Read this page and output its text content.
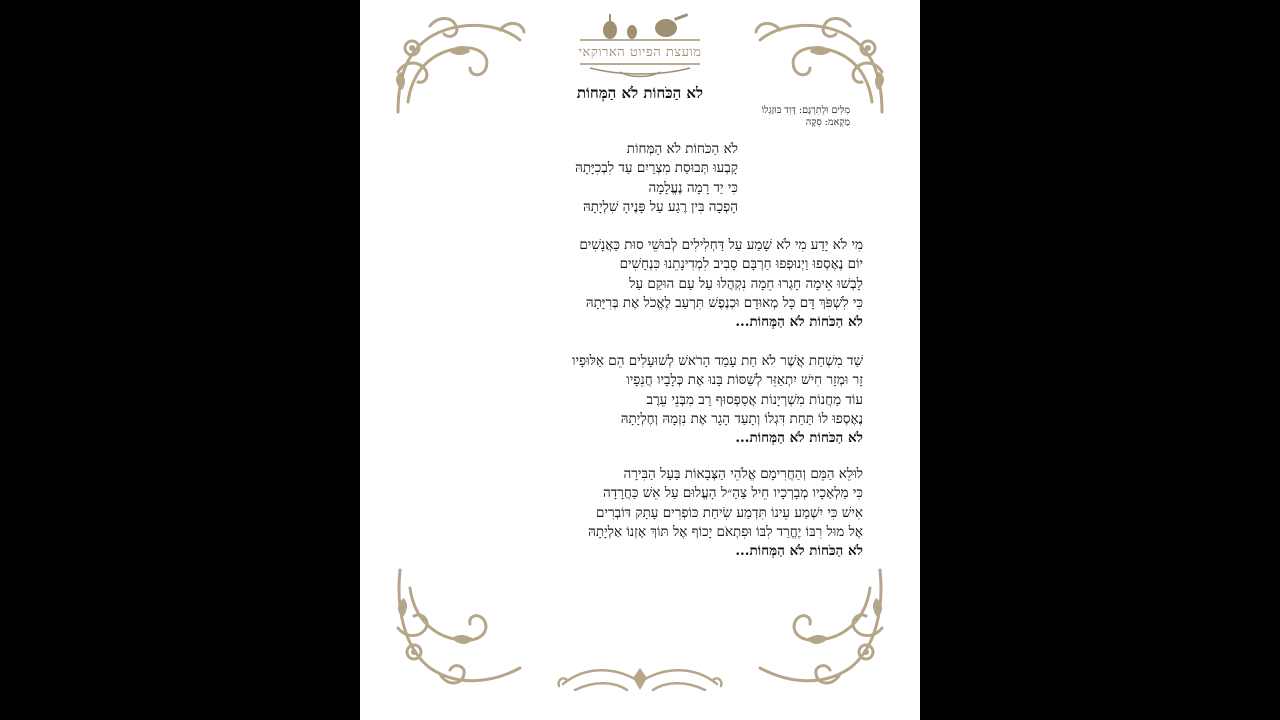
מועצת הפיוט הארוקאי
לא הַכֹּחוֹת לֹא הַמְּחוֹת
מִלִּים וּלְתִרְגָּם: דָּוִד בּוּזַגְלוֹ
מַקָאמ: סִקָּה
לֹא הַכֹּחוֹת לֹא הַמְּחוֹת
קָבְעוּ תְּבוּסַת מִצְרַיִם עַד לִבְכִיָּתָהּ
כִּי יַד רָמָה נֶעֱלָמָה
הָפְכָה בִּין רֶגַע עַל פָּנֶיהָ שִׁלְיָתָהּ
מִי לֹא יָדַע מִי לֹא שָׁמַע עַל דַּחְלִילִים לְבוּשֵׁי סוּת כַּאֲנָשִׁים
יוֹם נֶאֶסְפוּ וַיְנוּפְפוּ חַרְבָּם סָבִיב לִמְדִינָתֵנוּ כִּנְחָשִׁים
לָבְשׁוּ אֵימָה חָגְרוּ חֵמָה נִקְהֲלוּ עַל עַם הוּקַם עַל
כִּי לִשְׁפֹּךְ דָּם כָּל מְאוּדָם וּכְנֶפֶשׁ תִּרְעַב לֶאֱכֹל אֶת בְּרִיָּתָהּ
לֹא הַכֹּחוֹת לֹא הַמְּחוֹת...
שַׁד מִשְׁחַת אֲשֶׁר לֹא חַת עָמַד הָרֹאשׁ לְשׁוּעָלִים הֵם אַלּוּפָיו
זָר וּמְזָר חִישׁ יִתְאַזֵּר לְשַׁסּוֹת בָּנוּ אֶת כְּלָבָיו חֲנֵפָיו
עוֹד מַחֲנוֹת מִשְׁרְיָנוֹת אֲסַפְסוּף רַב מִבְּנֵי עֵרֶב
נֶאֶסְפוּ לוֹ תַּחַת דִּגְלוֹ וְתָעַד הָגָר אֶת נִזְמָהּ וְחֶלְיָתָהּ
לֹא הַכֹּחוֹת לֹא הַמְּחוֹת...
לוּלֵא הַמֵּם וְהַחֲרִימָם אֱלֹהֵי הַצְּבָאוֹת בַּעַל הַבִּירָה
כִּי מַלְאָכָיו מְבָרְכָיו חֵיל צַהַ״ל הָעֱלוּם עַל אֵשׁ כַּחֲרָדָה
אִישׁ כִּי יִשְׁמַע עֵינוֹ תִּדְמַע שִׂיחַת כּוֹפְרִים עָתָק דּוֹבְרִים
אֶל מוּל רִבּוֹ יֶחֱרַד לִבּוֹ וּפִתְאֹם יָכוֹף אֶל תּוֹךְ אָזְנוֹ אַלְיָתָהּ
לֹא הַכֹּחוֹת לֹא הַמְּחוֹת...
